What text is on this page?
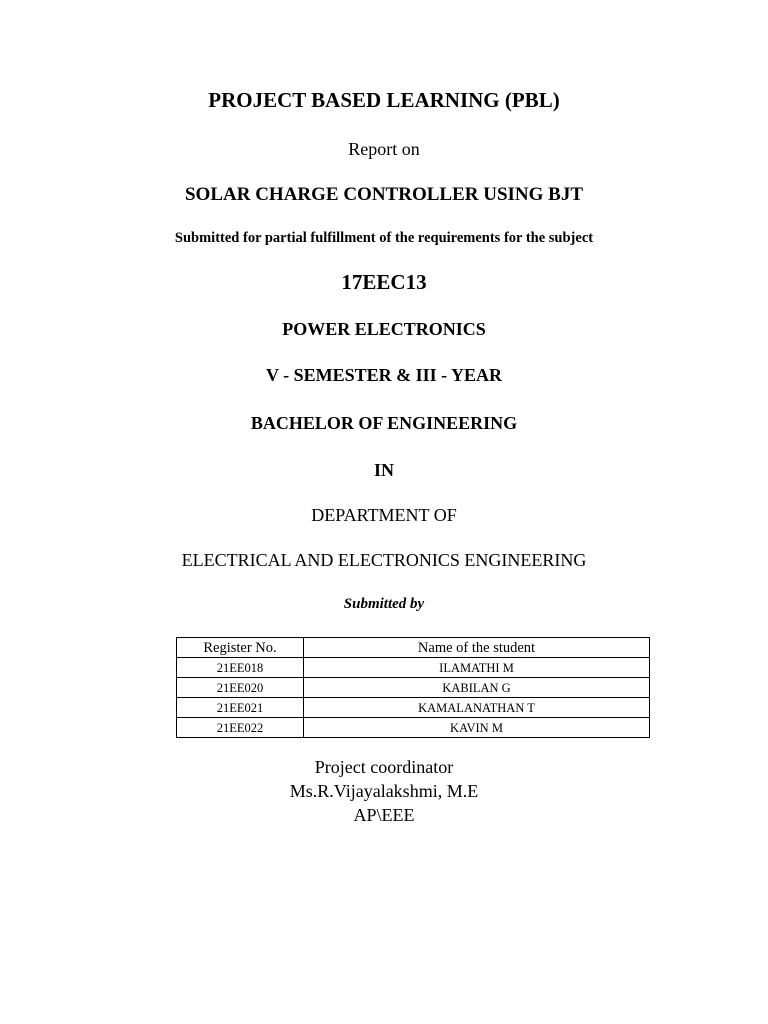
PROJECT BASED LEARNING (PBL)
Report on
SOLAR CHARGE CONTROLLER USING BJT
Submitted for partial fulfillment of the requirements for the subject
17EEC13
POWER ELECTRONICS
V - SEMESTER & III - YEAR
BACHELOR OF ENGINEERING
IN
DEPARTMENT OF
ELECTRICAL AND ELECTRONICS ENGINEERING
Submitted by
Register No.	Name of the student
21EE018	ILAMATHI M
21EE020	KABILAN G
21EE021	KAMALANATHAN T
21EE022	KAVIN M
Project coordinator
Ms.R.Vijayalakshmi, M.E
AP\EEE
